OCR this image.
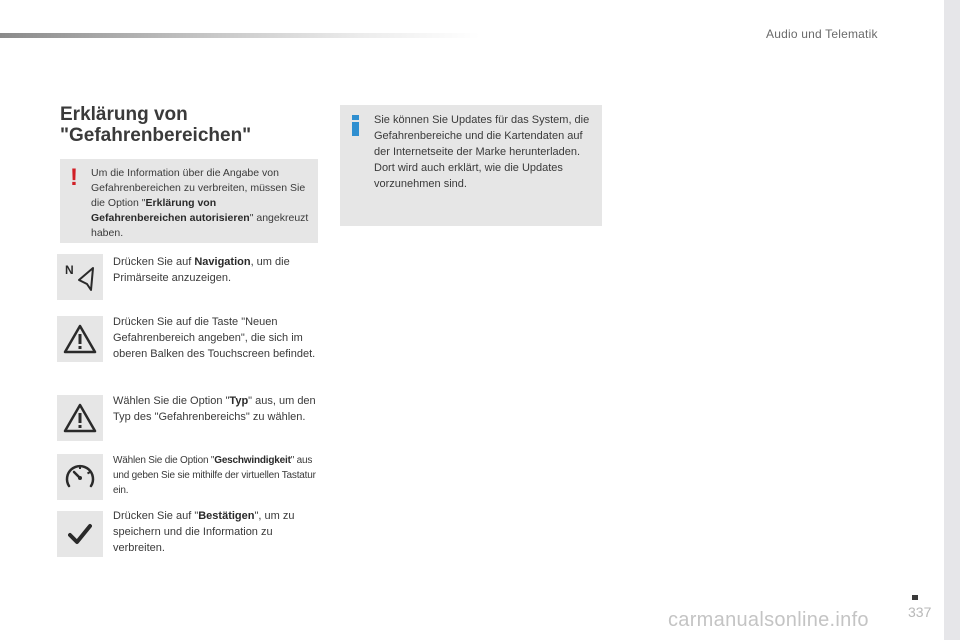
Audio und Telematik
Erklärung von
"Gefahrenbereichen"
!	Um die Information über die Angabe von Gefahrenbereichen zu verbreiten, müssen Sie die Option "Erklärung von Gefahrenbereichen autorisieren" angekreuzt haben.
Sie können Sie Updates für das System, die Gefahrenbereiche und die Kartendaten auf der Internetseite der Marke herunterladen.
Dort wird auch erklärt, wie die Updates vorzunehmen sind.
N
Drücken Sie auf Navigation, um die Primärseite anzuzeigen.
Drücken Sie auf die Taste "Neuen Gefahrenbereich angeben", die sich im oberen Balken des Touchscreen befindet.
Wählen Sie die Option "Typ" aus, um den Typ des "Gefahrenbereichs" zu wählen.
Wählen Sie die Option "Geschwindigkeit" aus und geben Sie sie mithilfe der virtuellen Tastatur ein.
Drücken Sie auf "Bestätigen", um zu speichern und die Information zu verbreiten.
337
carmanualsonline.info
